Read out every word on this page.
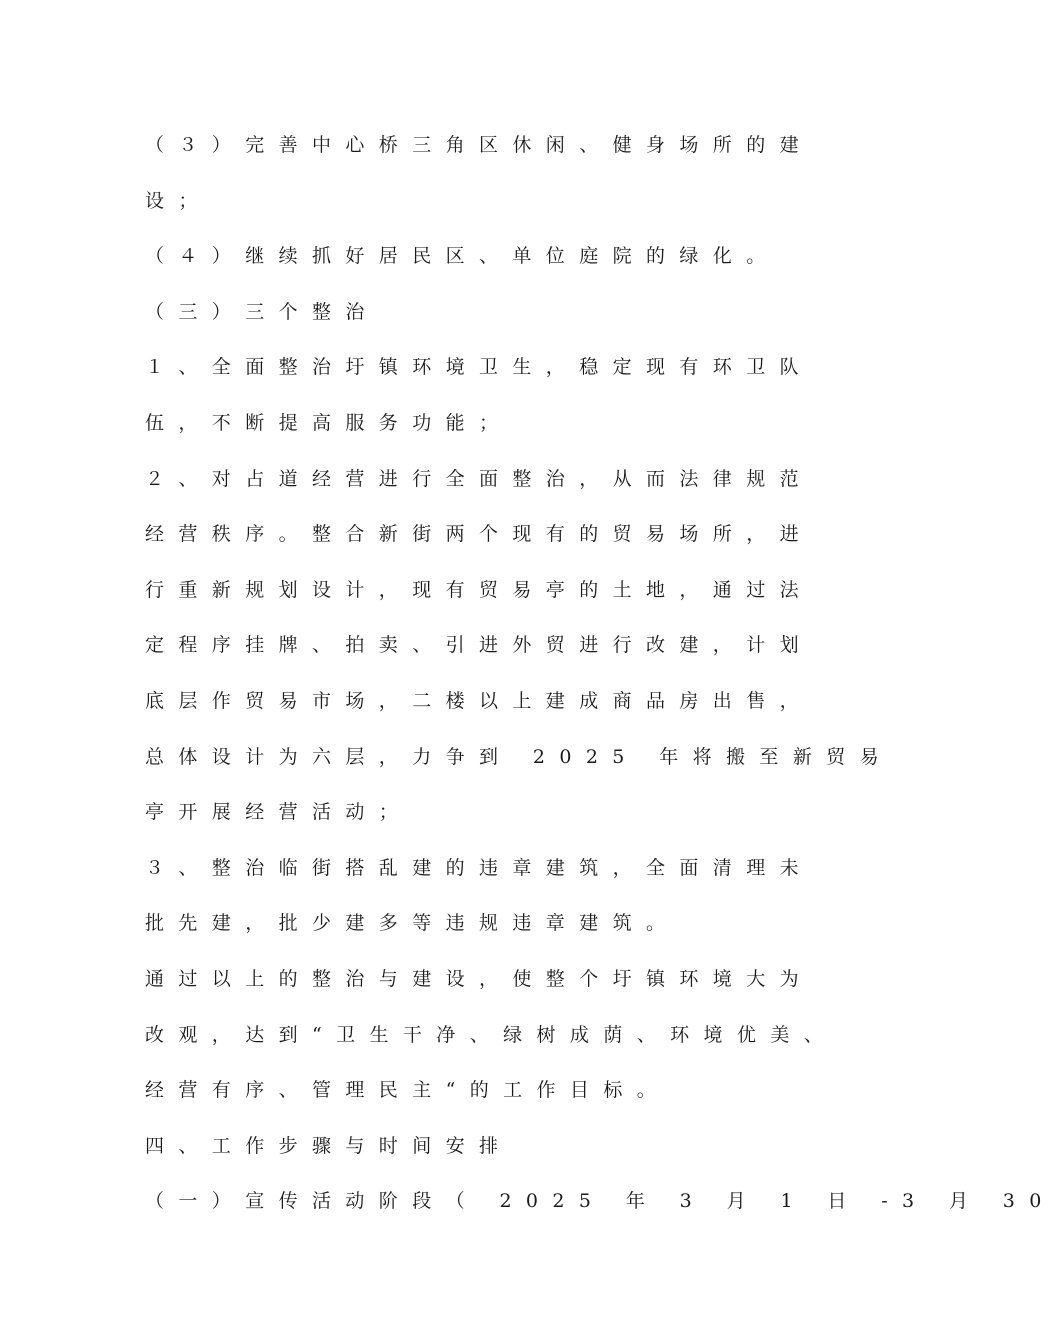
（３）完善中心桥三角区休闲、健身场所的建
设；
（４）继续抓好居民区、单位庭院的绿化。
（三）三个整治
１、全面整治圩镇环境卫生，稳定现有环卫队
伍，不断提高服务功能；
２、对占道经营进行全面整治，从而法律规范
经营秩序。整合新街两个现有的贸易场所，进
行重新规划设计，现有贸易亭的土地，通过法
定程序挂牌、拍卖、引进外贸进行改建，计划
底层作贸易市场，二楼以上建成商品房出售，
总体设计为六层，力争到 2025 年将搬至新贸易
亭开展经营活动；
３、整治临街搭乱建的违章建筑，全面清理未
批先建，批少建多等违规违章建筑。
通过以上的整治与建设，使整个圩镇环境大为
改观，达到“卫生干净、绿树成荫、环境优美、
经营有序、管理民主“的工作目标。
四、工作步骤与时间安排
（一）宣传活动阶段（ 2025 年 3 月 1 日 -3 月 30
